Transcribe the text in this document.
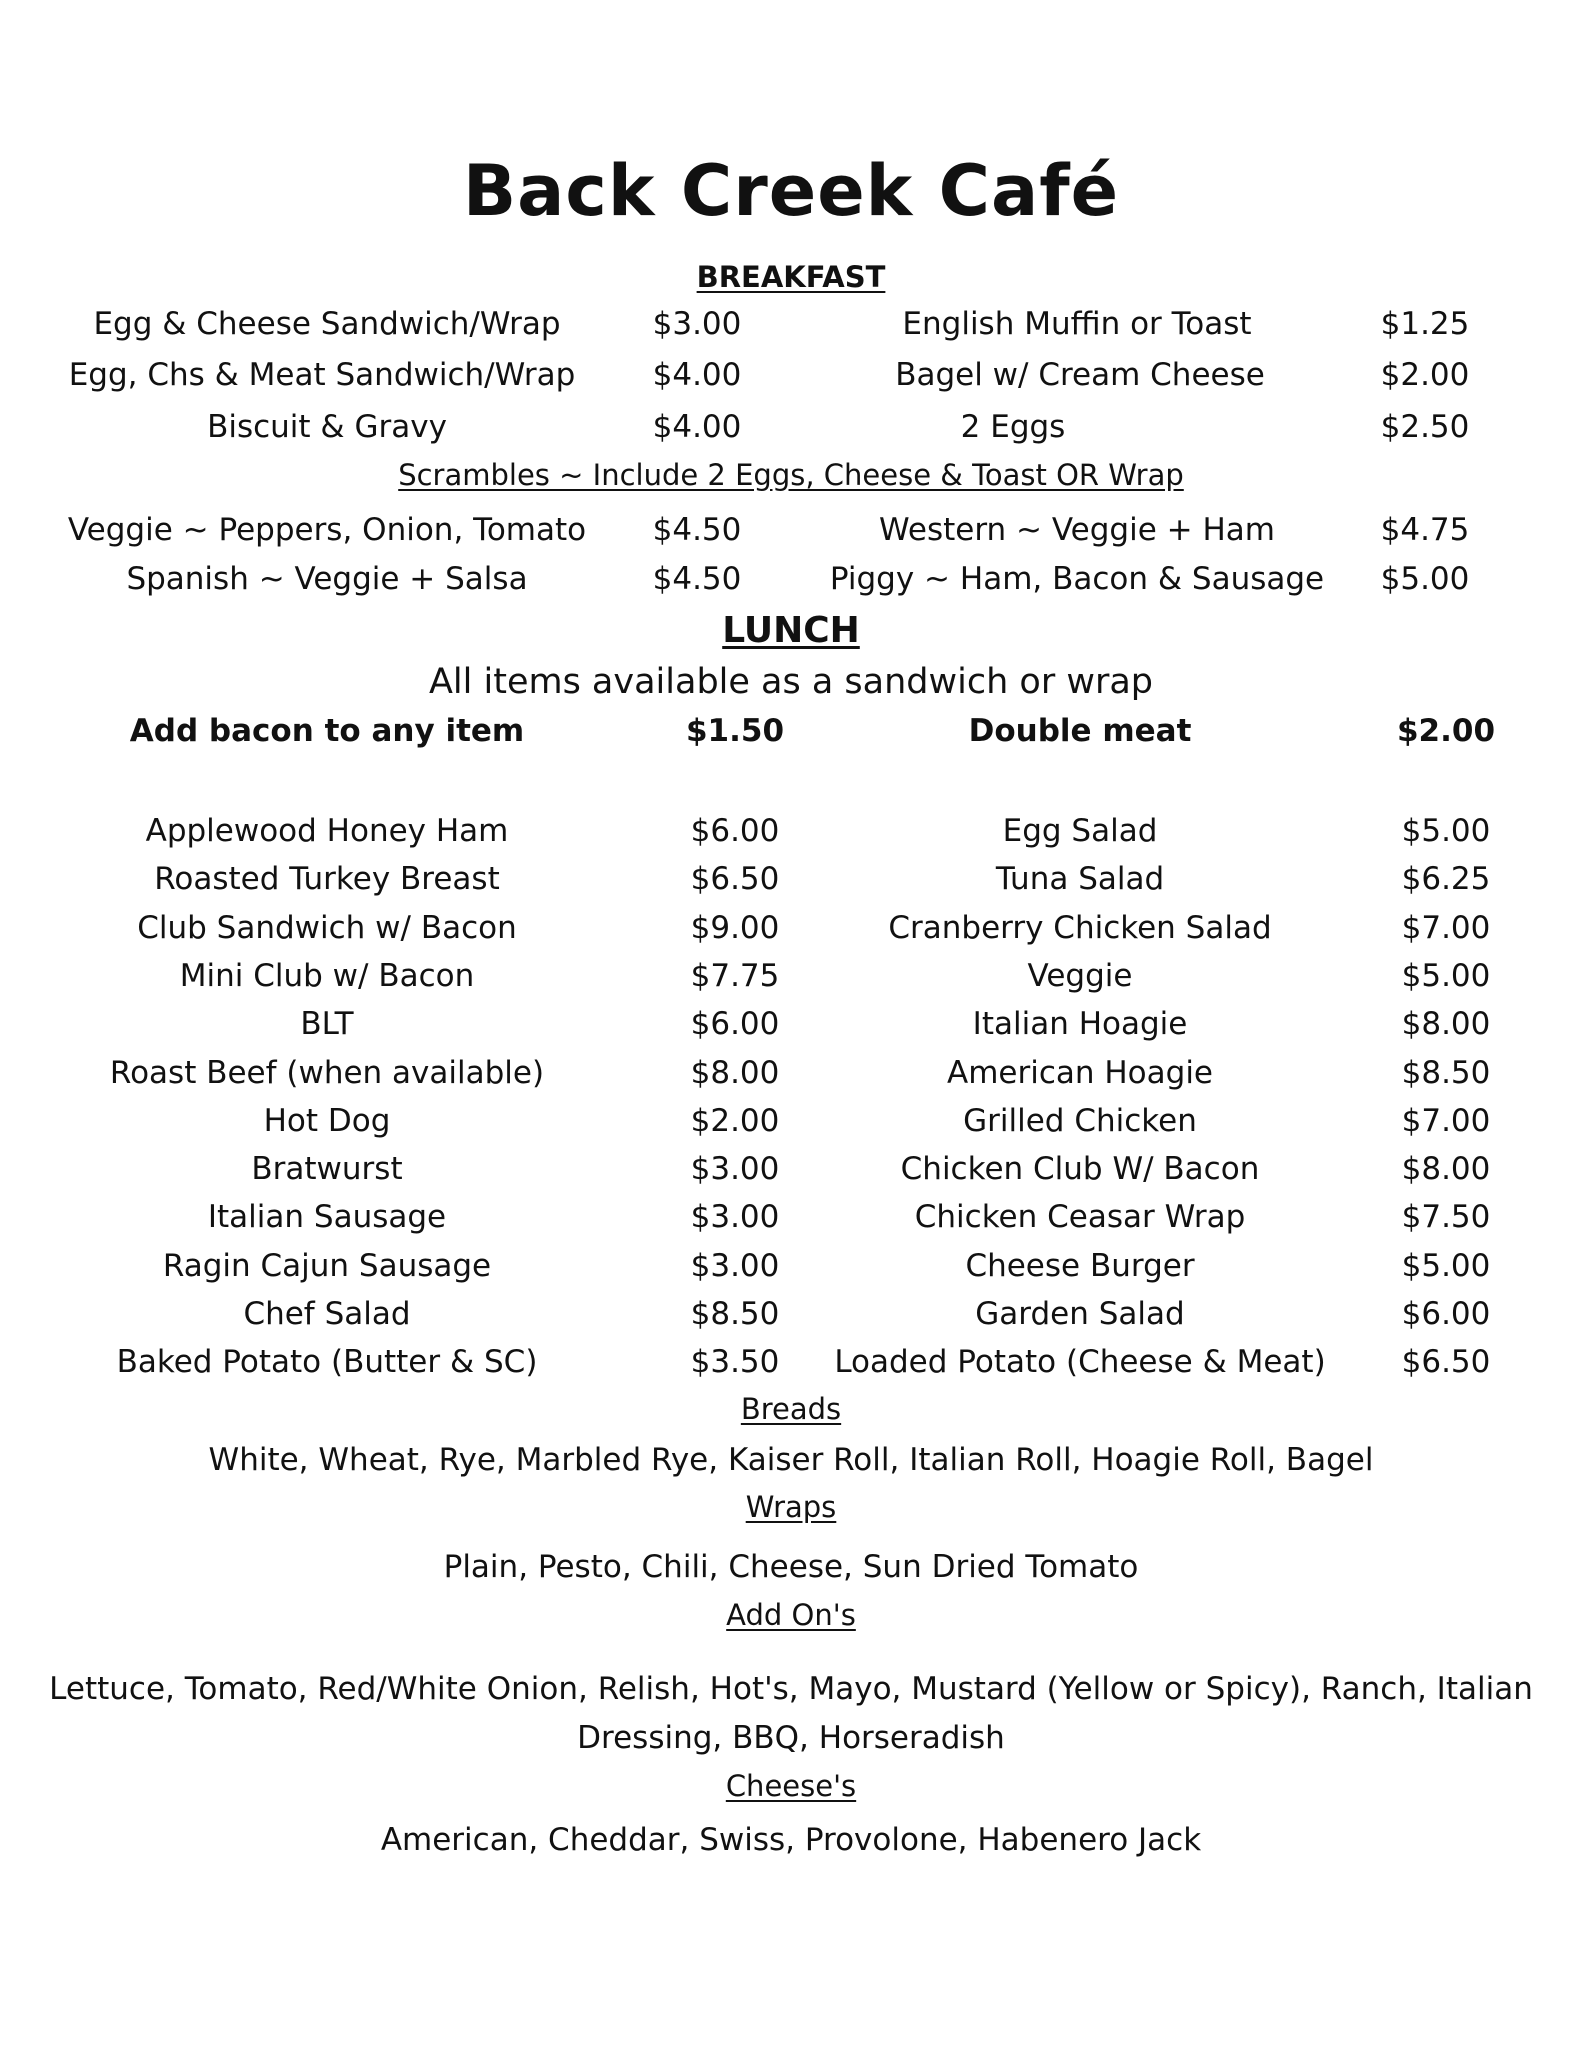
Back Creek Café
BREAKFAST
Egg & Cheese Sandwich/Wrap	$3.00	English Muffin or Toast	$1.25
Egg, Chs & Meat Sandwich/Wrap $4.00	Bagel w/ Cream Cheese	$2.00
Biscuit & Gravy	$4.00	2 Eggs	$2.50
Scrambles ~ Include 2 Eggs, Cheese & Toast OR Wrap
Veggie ~ Peppers, Onion, Tomato $4.50	Western ~ Veggie + Ham	$4.75
Spanish ~ Veggie + Salsa	$4.50	Piggy ~ Ham, Bacon & Sausage $5.00
LUNCH
All items available as a sandwich or wrap
Add bacon to any item	$1.50	Double meat	$2.00
Applewood Honey Ham	$6.00	Egg Salad	$5.00
Roasted Turkey Breast	$6.50	Tuna Salad	$6.25
Club Sandwich w/ Bacon	$9.00	Cranberry Chicken Salad	$7.00
Mini Club w/ Bacon	$7.75	Veggie	$5.00
BLT	$6.00	Italian Hoagie	$8.00
Roast Beef (when available)	$8.00	American Hoagie	$8.50
Hot Dog	$2.00	Grilled Chicken	$7.00
Bratwurst	$3.00	Chicken Club W/ Bacon	$8.00
Italian Sausage	$3.00	Chicken Ceasar Wrap	$7.50
Ragin Cajun Sausage	$3.00	Cheese Burger	$5.00
Chef Salad	$8.50	Garden Salad	$6.00
Baked Potato (Butter & SC)	$3.50 Loaded Potato (Cheese & Meat) $6.50
Breads
White, Wheat, Rye, Marbled Rye, Kaiser Roll, Italian Roll, Hoagie Roll, Bagel
Wraps
Plain, Pesto, Chili, Cheese, Sun Dried Tomato
Add On's
Lettuce, Tomato, Red/White Onion, Relish, Hot's, Mayo, Mustard (Yellow or Spicy), Ranch, Italian
Dressing, BBQ, Horseradish
Cheese's
American, Cheddar, Swiss, Provolone, Habenero Jack
